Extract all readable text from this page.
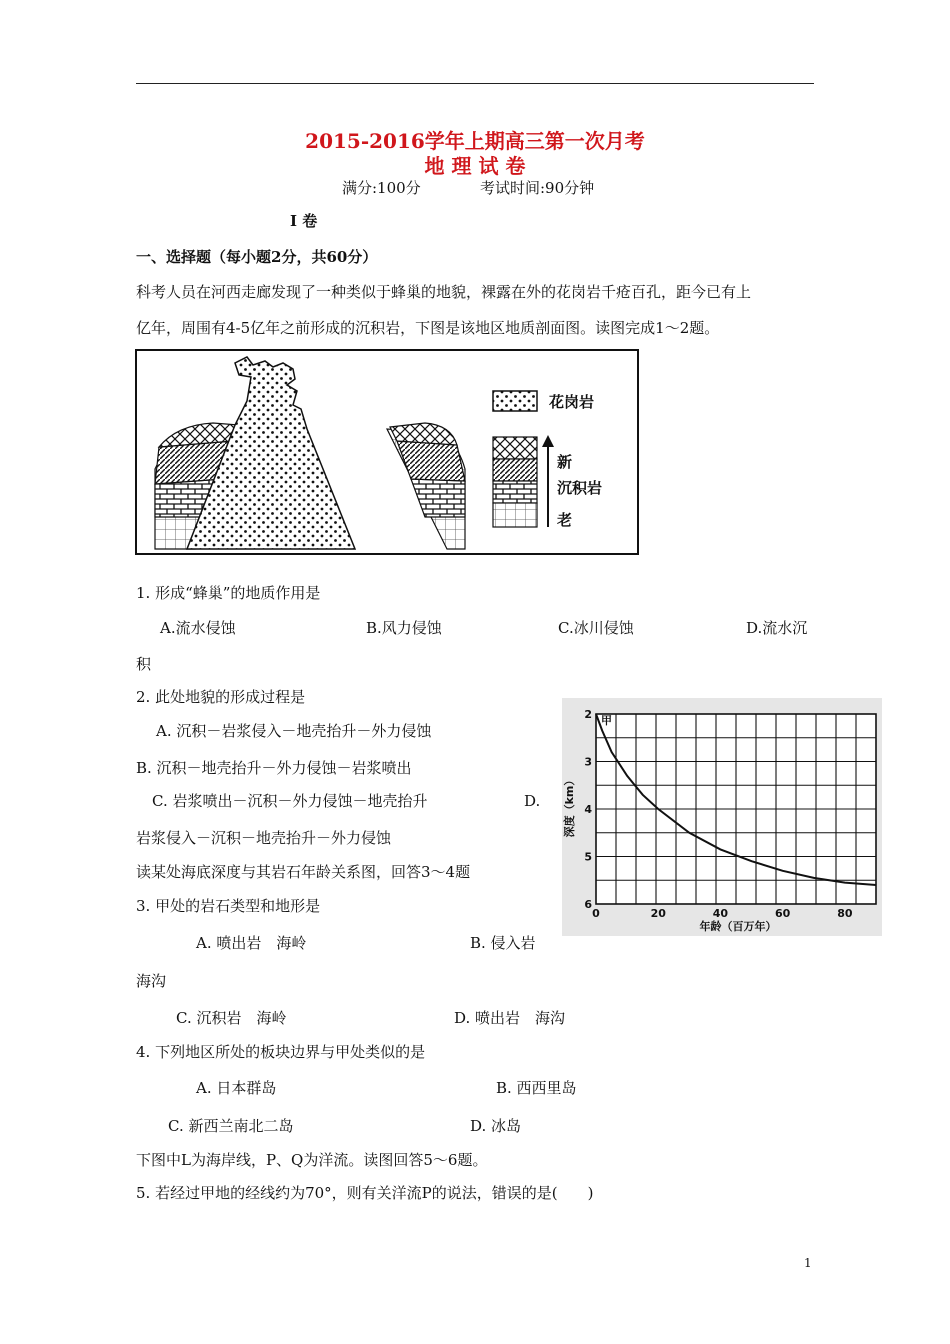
2015-2016学年上期高三第一次月考
地 理 试 卷
满分:100分	考试时间:90分钟
I 卷
一、选择题（每小题2分，共60分）
科考人员在河西走廊发现了一种类似于蜂巢的地貌，裸露在外的花岗岩千疮百孔，距今已有上
亿年，周围有4-5亿年之前形成的沉积岩，下图是该地区地质剖面图。读图完成1～2题。
花岗岩
新
沉积岩
老
1. 形成“蜂巢”的地质作用是
A.流水侵蚀	B.风力侵蚀	C.冰川侵蚀	D.流水沉
积
2. 此处地貌的形成过程是
A. 沉积－岩浆侵入－地壳抬升－外力侵蚀
B. 沉积－地壳抬升－外力侵蚀－岩浆喷出
C. 岩浆喷出－沉积－外力侵蚀－地壳抬升	D.
岩浆侵入－沉积－地壳抬升－外力侵蚀
读某处海底深度与其岩石年龄关系图，回答3～4题
0	20	40	60	80
2
3
4
5
6
甲
深度（km）
年龄（百万年）
3. 甲处的岩石类型和地形是
A. 喷出岩　海岭	B. 侵入岩
海沟
C. 沉积岩　海岭	D. 喷出岩　海沟
4. 下列地区所处的板块边界与甲处类似的是
A. 日本群岛	B. 西西里岛
C. 新西兰南北二岛	D. 冰岛
下图中L为海岸线，P、Q为洋流。读图回答5～6题。
5. 若经过甲地的经线约为70°，则有关洋流P的说法，错误的是(　　)
1
